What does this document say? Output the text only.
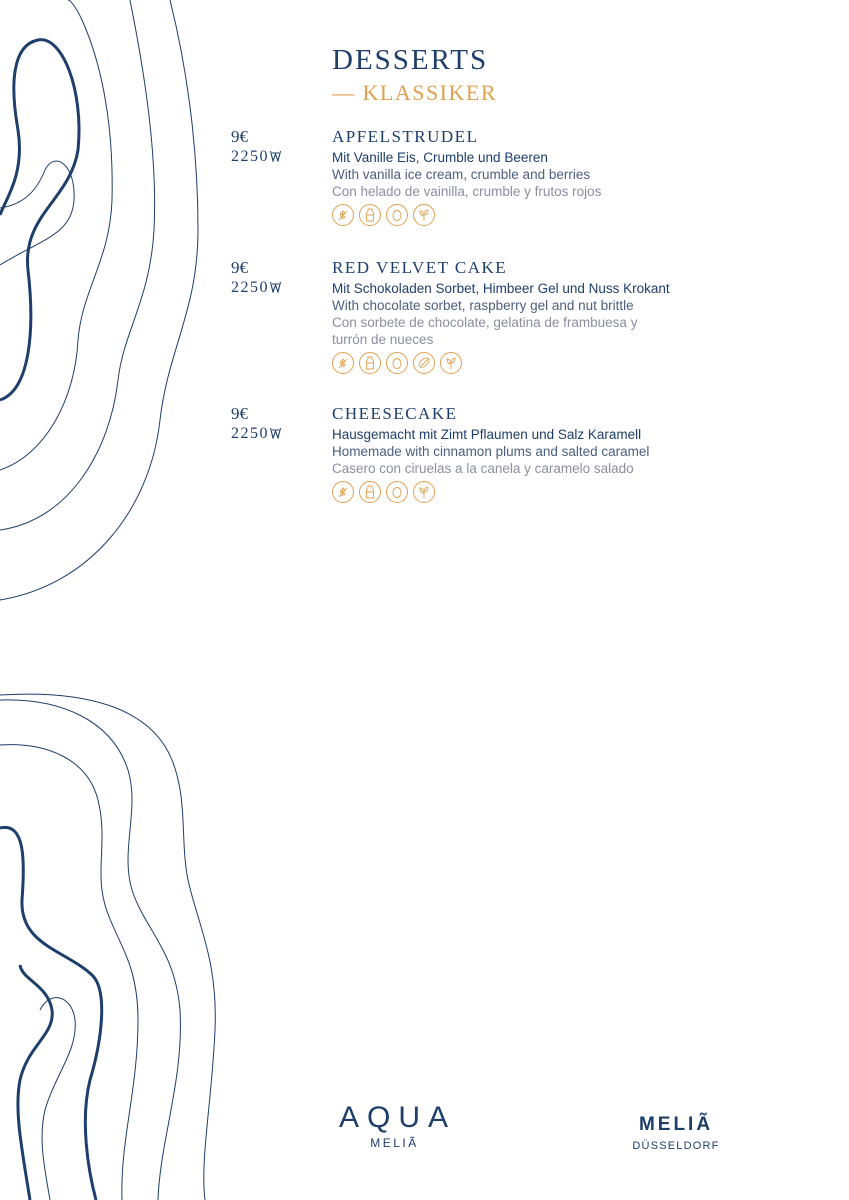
DESSERTS
— KLASSIKER
9€
2250
APFELSTRUDEL
Mit Vanille Eis, Crumble und Beeren
With vanilla ice cream, crumble and berries
Con helado de vainilla, crumble y frutos rojos
9€
2250
RED VELVET CAKE
Mit Schokoladen Sorbet, Himbeer Gel und Nuss Krokant
With chocolate sorbet, raspberry gel and nut brittle
Con sorbete de chocolate, gelatina de frambuesa y turrón de nueces
9€
2250
CHEESECAKE
Hausgemacht mit Zimt Pflaumen und Salz Karamell
Homemade with cinnamon plums and salted caramel
Casero con ciruelas a la canela y caramelo salado
AQUA
MELIÃ
MELIÃ
DÜSSELDORF
